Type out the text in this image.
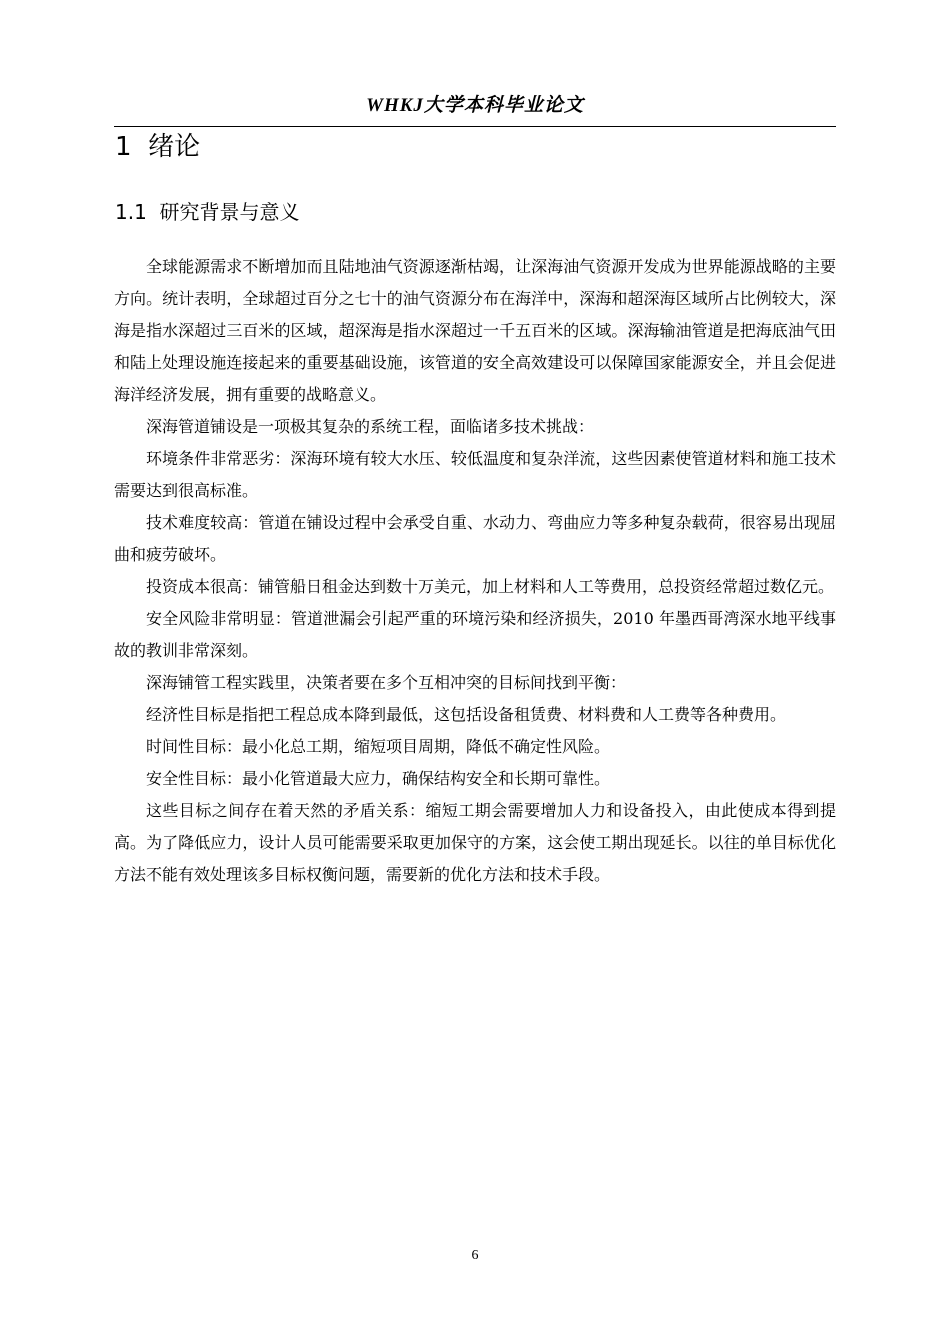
WHKJ大学本科毕业论文
1  绪论
1.1  研究背景与意义

全球能源需求不断增加而且陆地油气资源逐渐枯竭，让深海油气资源开发成为世界能源战略的主要方向。统计表明，全球超过百分之七十的油气资源分布在海洋中，深海和超深海区域所占比例较大，深海是指水深超过三百米的区域，超深海是指水深超过一千五百米的区域。深海输油管道是把海底油气田和陆上处理设施连接起来的重要基础设施，该管道的安全高效建设可以保障国家能源安全，并且会促进海洋经济发展，拥有重要的战略意义。

深海管道铺设是一项极其复杂的系统工程，面临诸多技术挑战：

环境条件非常恶劣：深海环境有较大水压、较低温度和复杂洋流，这些因素使管道材料和施工技术需要达到很高标准。

技术难度较高：管道在铺设过程中会承受自重、水动力、弯曲应力等多种复杂载荷，很容易出现屈曲和疲劳破坏。

投资成本很高：铺管船日租金达到数十万美元，加上材料和人工等费用，总投资经常超过数亿元。

安全风险非常明显：管道泄漏会引起严重的环境污染和经济损失，2010 年墨西哥湾深水地平线事故的教训非常深刻。

深海铺管工程实践里，决策者要在多个互相冲突的目标间找到平衡：

经济性目标是指把工程总成本降到最低，这包括设备租赁费、材料费和人工费等各种费用。

时间性目标：最小化总工期，缩短项目周期，降低不确定性风险。

安全性目标：最小化管道最大应力，确保结构安全和长期可靠性。

这些目标之间存在着天然的矛盾关系：缩短工期会需要增加人力和设备投入，由此使成本得到提高。为了降低应力，设计人员可能需要采取更加保守的方案，这会使工期出现延长。以往的单目标优化方法不能有效处理该多目标权衡问题，需要新的优化方法和技术手段。

6
